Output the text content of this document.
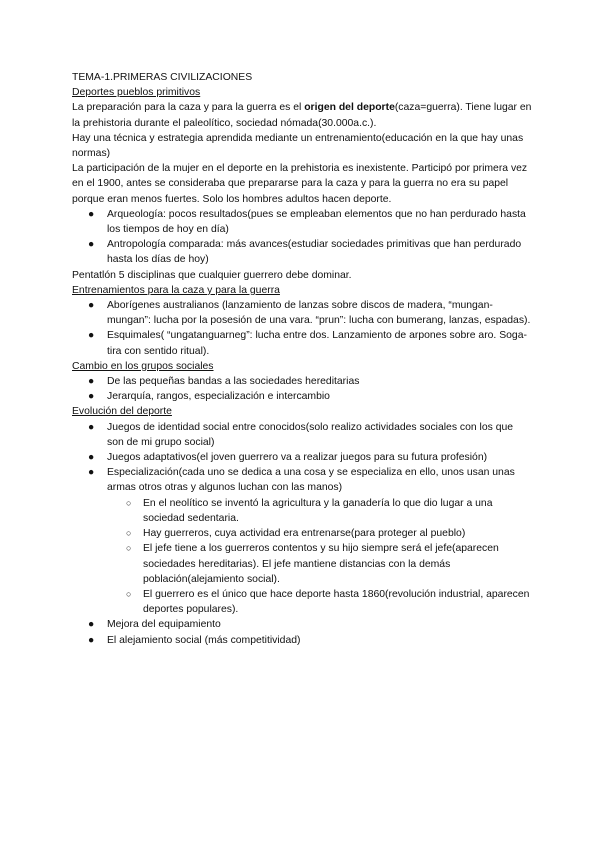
TEMA-1.PRIMERAS CIVILIZACIONES

Deportes pueblos primitivos

La preparación para la caza y para la guerra es el origen del deporte(caza=guerra). Tiene lugar en la prehistoria durante el paleolítico, sociedad nómada(30.000a.c.).

Hay una técnica y estrategia aprendida mediante un entrenamiento(educación en la que hay unas normas)

La participación de la mujer en el deporte en la prehistoria es inexistente. Participó por primera vez en el 1900, antes se consideraba que prepararse para la caza y para la guerra no era su papel porque eran menos fuertes. Solo los hombres adultos hacen deporte.

● Arqueología: pocos resultados(pues se empleaban elementos que no han perdurado hasta los tiempos de hoy en día)
● Antropología comparada: más avances(estudiar sociedades primitivas que han perdurado hasta los días de hoy)

Pentatlón 5 disciplinas que cualquier guerrero debe dominar.

Entrenamientos para la caza y para la guerra

● Aborígenes australianos (lanzamiento de lanzas sobre discos de madera, “mungan-mungan”: lucha por la posesión de una vara. “prun”: lucha con bumerang, lanzas, espadas).
● Esquimales( “ungatanguarneg”: lucha entre dos. Lanzamiento de arpones sobre aro. Soga-tira con sentido ritual).

Cambio en los grupos sociales

● De las pequeñas bandas a las sociedades hereditarias
● Jerarquía, rangos, especialización e intercambio

Evolución del deporte

● Juegos de identidad social entre conocidos(solo realizo actividades sociales con los que son de mi grupo social)
● Juegos adaptativos(el joven guerrero va a realizar juegos para su futura profesión)
● Especialización(cada uno se dedica a una cosa y se especializa en ello, unos usan unas armas otros otras y algunos luchan con las manos)
○ En el neolítico se inventó la agricultura y la ganadería lo que dio lugar a una sociedad sedentaria.
○ Hay guerreros, cuya actividad era entrenarse(para proteger al pueblo)
○ El jefe tiene a los guerreros contentos y su hijo siempre será el jefe(aparecen sociedades hereditarias). El jefe mantiene distancias con la demás población(alejamiento social).
○ El guerrero es el único que hace deporte hasta 1860(revolución industrial, aparecen deportes populares).
● Mejora del equipamiento
● El alejamiento social (más competitividad)
